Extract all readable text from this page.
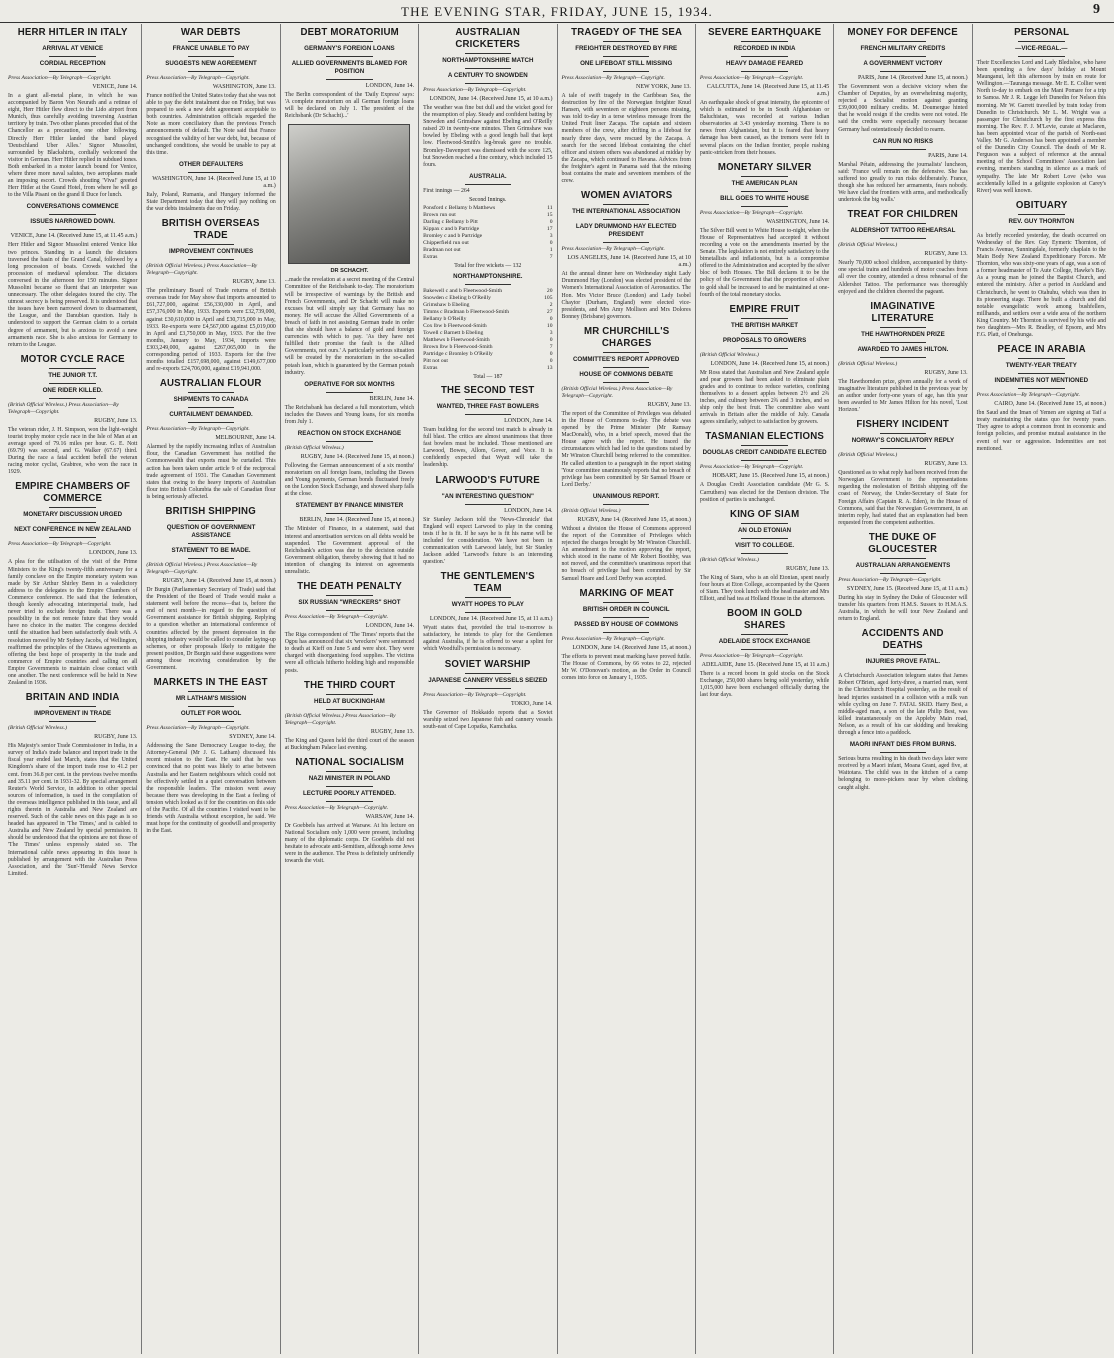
THE EVENING STAR, FRIDAY, JUNE 15, 1934.	9
HERR HITLER IN ITALY
ARRIVAL AT VENICE
CORDIAL RECEPTION
Press Association—By Telegraph—Copyright.
VENICE, June 14.
In a giant all-metal plane, in which he was accompanied by Baron Von Neurath and a retinue of eight, Herr Hitler flew direct to the Lido airport from Munich, thus carefully avoiding traversing Austrian territory by train. Two other planes preceded that of the Chancellor as a precaution, one other following. Directly Herr Hitler landed the band played 'Deutschland Uber Alles.' Signor Mussolini, surrounded by Blackshirts, cordially welcomed the visitor in German. Herr Hitler replied in subdued tones. Both embarked in a motor launch bound for Venice, where three more naval salutes, two aeroplanes made an imposing escort. Crowds shouting 'Viva!' greeted Herr Hitler at the Grand Hotel, from where he will go to the Villa Pisani on the grand Il Duce for lunch.
CONVERSATIONS COMMENCE
ISSUES NARROWED DOWN.
VENICE, June 14. (Received June 15, at 11.45 a.m.)
Herr Hitler and Signor Mussolini entered Venice like two princes. Standing in a launch the dictators traversed the basin of the Grand Canal, followed by a long procession of boats. Crowds watched the procession of mediæval splendour. The dictators conversed in the afternoon for 150 minutes. Signor Mussolini became so fluent that an interpreter was unnecessary. The other delegates toured the city. The utmost secrecy is being preserved. It is understood that the issues have been narrowed down to disarmament, the League, and the Danubian question. Italy is understood to support the German claim to a certain degree of armament, but is anxious to avoid a new armaments race. She is also anxious for Germany to return to the League.
MOTOR CYCLE RACE
THE JUNIOR T.T.
ONE RIDER KILLED.
(British Official Wireless.) Press Association—By Telegraph—Copyright.
RUGBY, June 13.
The veteran rider, J. H. Simpson, won the light-weight tourist trophy motor cycle race in the Isle of Man at an average speed of 79.16 miles per hour. G. E. Nott (69.79) was second, and G. Walker (67.67) third. During the race a fatal accident befell the veteran racing motor cyclist, Grabtree, who won the race in 1929.
EMPIRE CHAMBERS OF COMMERCE
MONETARY DISCUSSION URGED
NEXT CONFERENCE IN NEW ZEALAND
Press Association—By Telegraph—Copyright.
LONDON, June 13.
A plea for the utilisation of the visit of the Prime Ministers to the King's twenty-fifth anniversary for a family conclave on the Empire monetary system was made by Sir Arthur Shirley Benn in a valedictory address to the delegates to the Empire Chambers of Commerce conference. He said that the federation, though keenly advocating interimperial trade, had never tried to exclude foreign trade. There was a possibility in the not remote future that they would have no choice in the matter. The congress decided until the situation had been satisfactorily dealt with. A resolution moved by Mr Sydney Jacobs, of Wellington, reaffirmed the principles of the Ottawa agreements as offering the best hope of prosperity in the trade and commerce of Empire countries and calling on all Empire Governments to maintain close contact with one another. The next conference will be held in New Zealand in 1936.
BRITAIN AND INDIA
IMPROVEMENT IN TRADE
(British Official Wireless.)
RUGBY, June 13.
His Majesty's senior Trade Commissioner in India, in a survey of India's trade balance and import trade in the fiscal year ended last March, states that the United Kingdom's share of the import trade rose to 41.2 per cent. from 36.8 per cent. in the previous twelve months and 35.11 per cent. in 1931-32. By special arrangement Reuter's World Service, in addition to other special sources of information, is used in the compilation of the overseas intelligence published in this issue, and all rights therein in Australia and New Zealand are reserved. Such of the cable news on this page as is so headed has appeared in 'The Times,' and is cabled to Australia and New Zealand by special permission. It should be understood that the opinions are not those of 'The Times' unless expressly stated so. The International cable news appearing in this issue is published by arrangement with the Australian Press Association, and the 'Sun'-'Herald' News Service Limited.
WAR DEBTS
FRANCE UNABLE TO PAY
SUGGESTS NEW AGREEMENT
Press Association—By Telegraph—Copyright.
WASHINGTON, June 13.
France notified the United States today that she was not able to pay the debt instalment due on Friday, but was prepared to seek a new debt agreement acceptable to both countries. Administration officials regarded the Note as more conciliatory than the previous French announcements of default. The Note said that France recognised the validity of her war debt, but, because of unchanged conditions, she would be unable to pay at this time.
OTHER DEFAULTERS
WASHINGTON, June 14. (Received June 15, at 10 a.m.)
Italy, Poland, Rumania, and Hungary informed the State Department today that they will pay nothing on the war debts instalments due on Friday.
BRITISH OVERSEAS TRADE
IMPROVEMENT CONTINUES
(British Official Wireless.) Press Association—By Telegraph—Copyright.
RUGBY, June 13.
The preliminary Board of Trade returns of British overseas trade for May show that imports amounted to £61,727,000, against £56,330,000 in April, and £57,376,000 in May, 1933. Exports were £32,739,000, against £30,610,000 in April and £30,715,000 in May, 1933. Re-exports were £4,567,000 against £5,019,000 in April and £3,750,000 in May, 1933. For the five months, January to May, 1934, imports were £303,249,000, against £267,065,000 in the corresponding period of 1933. Exports for the five months totalled £157,698,000, against £149,677,000 and re-exports £24,706,000, against £19,941,000.
AUSTRALIAN FLOUR
SHIPMENTS TO CANADA
CURTAILMENT DEMANDED.
Press Association—By Telegraph—Copyright.
MELBOURNE, June 14.
Alarmed by the rapidly increasing influx of Australian flour, the Canadian Government has notified the Commonwealth that exports must be curtailed. This action has been taken under article 9 of the reciprocal trade agreement of 1931. The Canadian Government states that owing to the heavy imports of Australian flour into British Columbia the sale of Canadian flour is being seriously affected.
BRITISH SHIPPING
QUESTION OF GOVERNMENT ASSISTANCE
STATEMENT TO BE MADE.
(British Official Wireless.) Press Association—By Telegraph—Copyright.
RUGBY, June 14. (Received June 15, at noon.)
Dr Burgin (Parliamentary Secretary of Trade) said that the President of the Board of Trade would make a statement well before the recess—that is, before the end of next month—in regard to the question of Government assistance for British shipping. Replying to a question whether an international conference of countries affected by the present depression in the shipping industry would be called to consider laying-up schemes, or other proposals likely to mitigate the present position, Dr Burgin said these suggestions were among those receiving consideration by the Government.
MARKETS IN THE EAST
MR LATHAM'S MISSION
OUTLET FOR WOOL
Press Association—By Telegraph—Copyright.
SYDNEY, June 14.
Addressing the Sane Democracy League to-day, the Attorney-General (Mr J. G. Latham) discussed his recent mission to the East. He said that he was convinced that no point was likely to arise between Australia and her Eastern neighbours which could not be effectively settled in a quiet conversation between the responsible leaders. The mission went away because there was developing in the East a feeling of tension which looked as if for the countries on this side of the Pacific. Of all the countries I visited want to be friends with Australia without exception, he said. We must hope for the continuity of goodwill and prosperity in the East.
DEBT MORATORIUM
GERMANY'S FOREIGN LOANS
ALLIED GOVERNMENTS BLAMED FOR POSITION
LONDON, June 14.
The Berlin correspondent of the 'Daily Express' says: 'A complete moratorium on all German foreign loans will be declared on July 1. The president of the Reichsbank (Dr Schacht)...'
DR SCHACHT.
...made the revelation at a secret meeting of the Central Committee of the Reichsbank to-day. The moratorium will be irrespective of warnings by the British and French Governments, and Dr Schacht will make no excuses but will simply say that Germany has no money. He will accuse the Allied Governments of a breach of faith in not assisting German trade in order that she should have a balance of gold and foreign currencies with which to pay. 'As they have not fulfilled their promise the fault is the Allied Governments, not ours.' A particularly serious situation will be created by the moratorium in the so-called potash loan, which is guaranteed by the German potash industry.
OPERATIVE FOR SIX MONTHS
BERLIN, June 14.
The Reichsbank has declared a full moratorium, which includes the Dawes and Young loans, for six months from July 1.
REACTION ON STOCK EXCHANGE
(British Official Wireless.)
RUGBY, June 14. (Received June 15, at noon.)
Following the German announcement of a six months' moratorium on all foreign loans, including the Dawes and Young payments, German bonds fluctuated freely on the London Stock Exchange, and showed sharp falls at the close.
STATEMENT BY FINANCE MINISTER
BERLIN, June 14. (Received June 15, at noon.)
The Minister of Finance, in a statement, said that interest and amortisation services on all debts would be suspended. The Government approval of the Reichsbank's action was due to the decision outside Government obligation, thereby showing that it had no intention of changing its interest on agreements unrealistic.
THE DEATH PENALTY
SIX RUSSIAN "WRECKERS" SHOT
Press Association—By Telegraph—Copyright.
LONDON, June 14.
The Riga correspondent of 'The Times' reports that the Ogpu has announced that six 'wreckers' were sentenced to death at Kieff on June 5 and were shot. They were charged with disorganising food supplies. The victims were all officials hitherto holding high and responsible posts.
THE THIRD COURT
HELD AT BUCKINGHAM
(British Official Wireless.) Press Association—By Telegraph—Copyright.
RUGBY, June 13.
The King and Queen held the third court of the season at Buckingham Palace last evening.
NATIONAL SOCIALISM
NAZI MINISTER IN POLAND
LECTURE POORLY ATTENDED.
Press Association—By Telegraph—Copyright.
WARSAW, June 14.
Dr Goebbels has arrived at Warsaw. At his lecture on National Socialism only 1,000 were present, including many of the diplomatic corps. Dr Goebbels did not hesitate to advocate anti-Semitism, although some Jews were in the audience. The Press is definitely unfriendly towards the visit.
AUSTRALIAN CRICKETERS
NORTHAMPTONSHIRE MATCH
A CENTURY TO SNOWDEN
Press Association—By Telegraph—Copyright.
LONDON, June 14. (Received June 15, at 10 a.m.)
The weather was fine but dull and the wicket good for the resumption of play. Steady and confident batting by Snowden and Grimshaw against Ebeling and O'Reilly raised 20 in twenty-one minutes. Then Grimshaw was bowled by Ebeling with a good length ball that kept low. Fleetwood-Smith's leg-break gave no trouble. Bromley-Davenport was dismissed with the score 125, but Snowden reached a fine century, which included 15 fours.
AUSTRALIA.
First innings — 264
Second Innings.
Ponsford c Bellamy b Matthews	11
Brown run out	15
Darling c Bellamy b Pitt	0
Kippax c and b Partridge	17
Bromley c and b Partridge	3
Chipperfield run out	0
Bradman not out	1
Extras	7
Total for five wickets — 132
NORTHAMPTONSHIRE.
Bakewell c and b Fleetwood-Smith	20
Snowden c Ebeling b O'Reilly	105
Grimshaw b Ebeling	2
Timms c Bradman b Fleetwood-Smith	27
Bellamy b O'Reilly	0
Cox lbw b Fleetwood-Smith	10
Towell c Barnett b Ebeling	3
Matthews b Fleetwood-Smith	0
Brown lbw b Fleetwood-Smith	7
Partridge c Bromley b O'Reilly	0
Pitt not out	0
Extras	13
Total — 187
THE SECOND TEST
WANTED, THREE FAST BOWLERS
LONDON, June 14.
Team building for the second test match is already in full blast. The critics are almost unanimous that three fast bowlers must be included. Those mentioned are Larwood, Bowes, Allom, Gover, and Voce. It is confidently expected that Wyatt will take the leadership.
LARWOOD'S FUTURE
"AN INTERESTING QUESTION"
LONDON, June 14.
Sir Stanley Jackson told the 'News-Chronicle' that England will expect Larwood to play in the coming tests if he is fit. If he says he is fit his name will be included for consideration. We have not been in communication with Larwood lately, but Sir Stanley Jackson added 'Larwood's future is an interesting question.'
THE GENTLEMEN'S TEAM
WYATT HOPES TO PLAY
LONDON, June 14. (Received June 15, at 11 a.m.)
Wyatt states that, provided the trial to-morrow is satisfactory, he intends to play for the Gentlemen against Australia, if he is offered to wear a splint for which Woodfull's permission is necessary.
SOVIET WARSHIP
JAPANESE CANNERY VESSELS SEIZED
Press Association—By Telegraph—Copyright.
TOKIO, June 14.
The Governor of Hokkaido reports that a Soviet warship seized two Japanese fish and cannery vessels south-east of Cape Lopatka, Kamchatka.
TRAGEDY OF THE SEA
FREIGHTER DESTROYED BY FIRE
ONE LIFEBOAT STILL MISSING
Press Association—By Telegraph—Copyright.
NEW YORK, June 13.
A tale of swift tragedy in the Caribbean Sea, the destruction by fire of the Norwegian freighter Knud Hansen, with seventeen or eighteen persons missing, was told to-day in a terse wireless message from the United Fruit liner Zacapa. The captain and sixteen members of the crew, after drifting in a lifeboat for nearly three days, were rescued by the Zacapa. A search for the second lifeboat containing the chief officer and sixteen others was abandoned at midday by the Zacapa, which continued to Havana. Advices from the freighter's agent in Panama said that the missing boat contains the mate and seventeen members of the crew.
WOMEN AVIATORS
THE INTERNATIONAL ASSOCIATION
LADY DRUMMOND HAY ELECTED PRESIDENT
Press Association—By Telegraph—Copyright.
LOS ANGELES, June 14. (Received June 15, at 10 a.m.)
At the annual dinner here on Wednesday night Lady Drummond Hay (London) was elected president of the Women's International Association of Aeronautics. The Hon. Mrs Victor Bruce (London) and Lady Isobel Chaytor (Durham, England) were elected vice-presidents, and Mrs Amy Mollison and Mrs Dolores Bonney (Brisbane) governors.
MR CHURCHILL'S CHARGES
COMMITTEE'S REPORT APPROVED
HOUSE OF COMMONS DEBATE
(British Official Wireless.) Press Association—By Telegraph—Copyright.
RUGBY, June 13.
The report of the Committee of Privileges was debated in the House of Commons to-day. The debate was opened by the Prime Minister (Mr Ramsay MacDonald), who, in a brief speech, moved that the House agree with the report. He traced the circumstances which had led to the questions raised by Mr Winston Churchill being referred to the committee. He called attention to a paragraph in the report stating 'Your committee unanimously reports that no breach of privilege has been committed by Sir Samuel Hoare or Lord Derby.'
UNANIMOUS REPORT.
(British Official Wireless.)
RUGBY, June 14. (Received June 15, at noon.)
Without a division the House of Commons approved the report of the Committee of Privileges which rejected the charges brought by Mr Winston Churchill. An amendment to the motion approving the report, which stood in the name of Mr Robert Boothby, was not moved, and the committee's unanimous report that no breach of privilege had been committed by Sir Samuel Hoare and Lord Derby was accepted.
MARKING OF MEAT
BRITISH ORDER IN COUNCIL
PASSED BY HOUSE OF COMMONS
Press Association—By Telegraph—Copyright.
LONDON, June 14. (Received June 15, at noon.)
The efforts to prevent meat marking have proved futile. The House of Commons, by 66 votes to 22, rejected Mr W. O'Donovan's motion, as the Order in Council comes into force on January 1, 1935.
SEVERE EARTHQUAKE
RECORDED IN INDIA
HEAVY DAMAGE FEARED
Press Association—By Telegraph—Copyright.
CALCUTTA, June 14. (Received June 15, at 11.45 a.m.)
An earthquake shock of great intensity, the epicentre of which is estimated to be in South Afghanistan or Baluchistan, was recorded at various Indian observatories at 3.43 yesterday morning. There is no news from Afghanistan, but it is feared that heavy damage has been caused, as the tremors were felt in several places on the Indian frontier, people rushing panic-stricken from their houses.
MONETARY SILVER
THE AMERICAN PLAN
BILL GOES TO WHITE HOUSE
Press Association—By Telegraph—Copyright.
WASHINGTON, June 14.
The Silver Bill went to White House to-night, when the House of Representatives had accepted it without recording a vote on the amendments inserted by the Senate. The legislation is not entirely satisfactory to the bimetallists and inflationists, but is a compromise offered to the Administration and accepted by the silver bloc of both Houses. The Bill declares it to be the policy of the Government that the proportion of silver to gold shall be increased to and be maintained at one-fourth of the total monetary stocks.
EMPIRE FRUIT
THE BRITISH MARKET
PROPOSALS TO GROWERS
(British Official Wireless.)
LONDON, June 14. (Received June 15, at noon.)
Mr Ross stated that Australian and New Zealand apple and pear growers had been asked to eliminate plain grades and to continue to reduce varieties, confining themselves to a dessert apples between 2½ and 2¾ inches, and culinary between 2¾ and 3 inches, and so ship only the best fruit. The committee also want arrivals in Britain after the middle of July. Canada agrees similarly, subject to satisfaction by growers.
TASMANIAN ELECTIONS
DOUGLAS CREDIT CANDIDATE ELECTED
Press Association—By Telegraph—Copyright.
HOBART, June 15. (Received June 15, at noon.)
A Douglas Credit Association candidate (Mr G. S. Carruthers) was elected for the Denison division. The position of parties is unchanged.
KING OF SIAM
AN OLD ETONIAN
VISIT TO COLLEGE.
(British Official Wireless.)
RUGBY, June 13.
The King of Siam, who is an old Etonian, spent nearly four hours at Eton College, accompanied by the Queen of Siam. They took lunch with the head master and Mrs Elliott, and had tea at Holland House in the afternoon.
BOOM IN GOLD SHARES
ADELAIDE STOCK EXCHANGE
Press Association—By Telegraph—Copyright.
ADELAIDE, June 15. (Received June 15, at 11 a.m.)
There is a record boom in gold stocks on the Stock Exchange, 250,000 shares being sold yesterday, while 1,015,000 have been exchanged officially during the last four days.
MONEY FOR DEFENCE
FRENCH MILITARY CREDITS
A GOVERNMENT VICTORY
PARIS, June 14. (Received June 15, at noon.)
The Government won a decisive victory when the Chamber of Deputies, by an overwhelming majority, rejected a Socialist motion against granting £39,000,000 military credits. M. Doumergue hinted that he would resign if the credits were not voted. He said the credits were especially necessary because Germany had ostentatiously decided to rearm.
CAN RUN NO RISKS
PARIS, June 14.
Marshal Pétain, addressing the journalists' luncheon, said: 'France will remain on the defensive. She has suffered too greatly to run risks deliberately. France, though she has reduced her armaments, fears nobody. We have clad the frontiers with arms, and methodically undertook the big walls.'
TREAT FOR CHILDREN
ALDERSHOT TATTOO REHEARSAL
(British Official Wireless.)
RUGBY, June 13.
Nearly 70,000 school children, accompanied by thirty-one special trains and hundreds of motor coaches from all over the country, attended a dress rehearsal of the Aldershot Tattoo. The performance was thoroughly enjoyed and the children cheered the pageant.
IMAGINATIVE LITERATURE
THE HAWTHORNDEN PRIZE
AWARDED TO JAMES HILTON.
(British Official Wireless.)
RUGBY, June 13.
The Hawthornden prize, given annually for a work of imaginative literature published in the previous year by an author under forty-one years of age, has this year been awarded to Mr James Hilton for his novel, 'Lost Horizon.'
FISHERY INCIDENT
NORWAY'S CONCILIATORY REPLY
(British Official Wireless.)
RUGBY, June 13.
Questioned as to what reply had been received from the Norwegian Government to the representations regarding the molestation of British shipping off the coast of Norway, the Under-Secretary of State for Foreign Affairs (Captain R. A. Eden), in the House of Commons, said that the Norwegian Government, in an interim reply, had stated that an explanation had been requested from the competent authorities.
THE DUKE OF GLOUCESTER
AUSTRALIAN ARRANGEMENTS
Press Association—By Telegraph—Copyright.
SYDNEY, June 15. (Received June 15, at 11 a.m.)
During his stay in Sydney the Duke of Gloucester will transfer his quarters from H.M.S. Sussex to H.M.A.S. Australia, in which he will tour New Zealand and return to England.
ACCIDENTS AND DEATHS
INJURIES PROVE FATAL.
A Christchurch Association telegram states that James Robert O'Brien, aged forty-three, a married man, went in the Christchurch Hospital yesterday, as the result of head injuries sustained in a collision with a milk van while cycling on June 7. FATAL SKID. Harry Best, a middle-aged man, a son of the late Philip Best, was killed instantaneously on the Appleby Main road, Nelson, as a result of his car skidding and breaking through a fence into a paddock.
MAORI INFANT DIES FROM BURNS.
Serious burns resulting in his death two days later were received by a Maori infant, Moana Grant, aged five, at Waitotara. The child was in the kitchen of a camp belonging to more-pickers near by when clothing caught alight.
PERSONAL
—VICE-REGAL.—
Their Excellencies Lord and Lady Bledisloe, who have been spending a few days' holiday at Mount Maunganui, left this afternoon by train en route for Wellington.—Tauranga message. Mr E. E. Collier went North to-day to embark on the Mani Pomare for a trip to Samoa. Mr J. R. Legge left Dunedin for Nelson this morning. Mr W. Garrett travelled by train today from Dunedin to Christchurch. Mr L. M. Wright was a passenger for Christchurch by the first express this morning. The Rev. F. J. M'Levie, curate at Maclaren, has been appointed vicar of the parish of North-east Valley. Mr G. Anderson has been appointed a member of the Dunedin City Council. The death of Mr R. Ferguson was a subject of reference at the annual meeting of the School Committees' Association last evening, members standing in silence as a mark of sympathy. The late Mr Robert Love (who was accidentally killed in a gelignite explosion at Carey's River) was well known.
OBITUARY
REV. GUY THORNTON
As briefly recorded yesterday, the death occurred on Wednesday of the Rev. Guy Eymeric Thornton, of Francis Avenue, Sunningdale, formerly chaplain to the Main Body New Zealand Expeditionary Forces. Mr Thornton, who was sixty-one years of age, was a son of a former headmaster of Te Aute College, Hawke's Bay. As a young man he joined the Baptist Church, and entered the ministry. After a period in Auckland and Christchurch, he went to Otahuhu, which was then in its pioneering stage. There he built a church and did notable evangelistic work among bushfellers, millhands, and settlers over a wide area of the northern King Country. Mr Thornton is survived by his wife and two daughters—Mrs R. Bradley, of Epsom, and Mrs F.G. Platt, of Onehunga.
PEACE IN ARABIA
TWENTY-YEAR TREATY
INDEMNITIES NOT MENTIONED
Press Association—By Telegraph—Copyright.
CAIRO, June 14. (Received June 15, at noon.)
Ibn Saud and the Iman of Yemen are signing at Taif a treaty maintaining the status quo for twenty years. They agree to adopt a common front in economic and foreign policies, and promise mutual assistance in the event of war or aggression. Indemnities are not mentioned.
